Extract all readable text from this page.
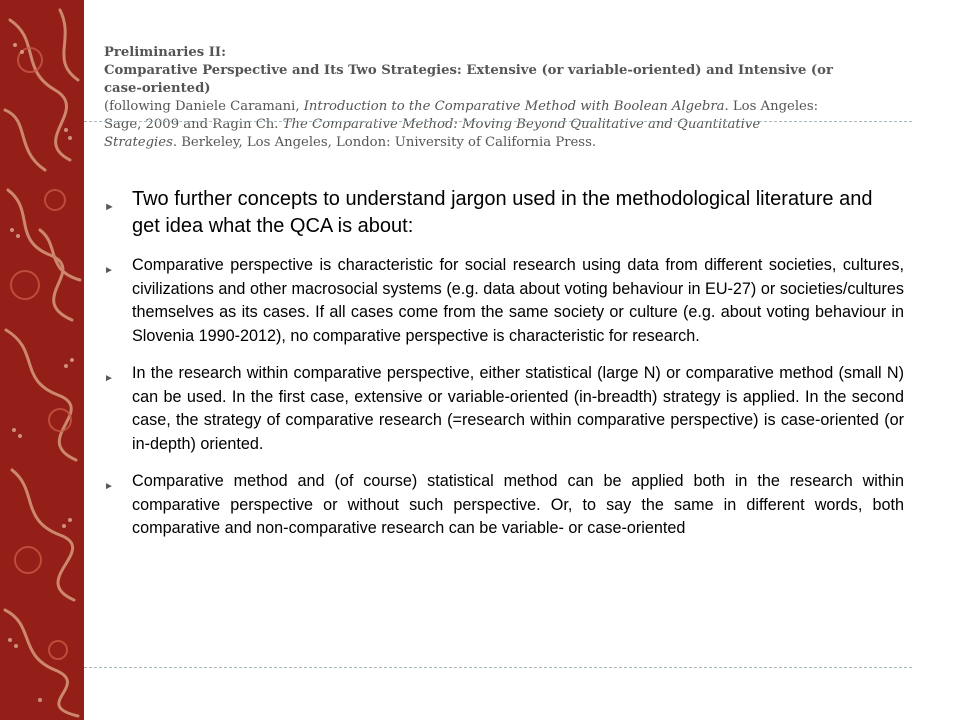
Preliminaries II:
Comparative Perspective and Its Two Strategies: Extensive (or variable-oriented) and Intensive (or case-oriented)
(following Daniele Caramani, Introduction to the Comparative Method with Boolean Algebra. Los Angeles: Sage, 2009 and Ragin Ch. The Comparative Method: Moving Beyond Qualitative and Quantitative Strategies. Berkeley, Los Angeles, London: University of California Press.
► Two further concepts to understand jargon used in the methodological literature and get idea what the QCA is about:
► Comparative perspective is characteristic for social research using data from different societies, cultures, civilizations and other macrosocial systems (e.g. data about voting behaviour in EU-27) or societies/cultures themselves as its cases. If all cases come from the same society or culture (e.g. about voting behaviour in Slovenia 1990-2012), no comparative perspective is characteristic for research.
► In the research within comparative perspective, either statistical (large N) or comparative method (small N) can be used. In the first case, extensive or variable-oriented (in-breadth) strategy is applied. In the second case, the strategy of comparative research (=research within comparative perspective) is case-oriented (or in-depth) oriented.
► Comparative method and (of course) statistical method can be applied both in the research within comparative perspective or without such perspective. Or, to say the same in different words, both comparative and non-comparative research can be variable- or case-oriented
